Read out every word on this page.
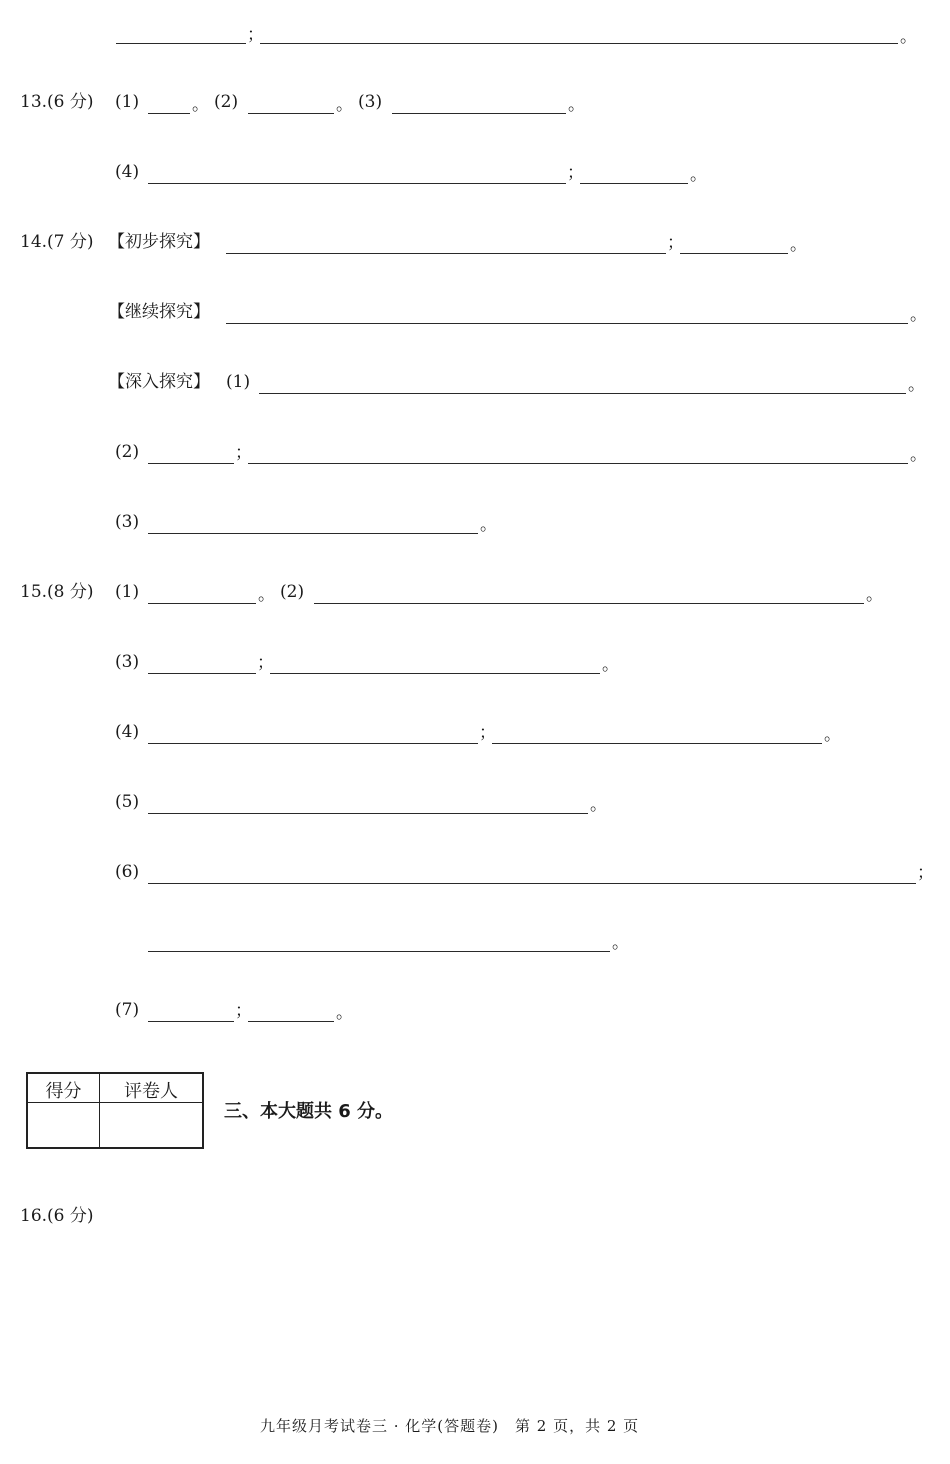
；	。
13.(6 分) (1)	。 (2)	。 (3)	。
(4)	；	。
14.(7 分) 【初步探究】	；	。
【继续探究】	。
【深入探究】 (1)	。
(2)	；	。
(3)	。
15.(8 分) (1)	。 (2)	。
(3)	；	。
(4)	；	。
(5)	。
(6)	；
。
(7)	；	。
得分	评卷人
三、本大题共 6 分。
16.(6 分)
九年级月考试卷三 · 化学(答题卷)　第 2 页，共 2 页
